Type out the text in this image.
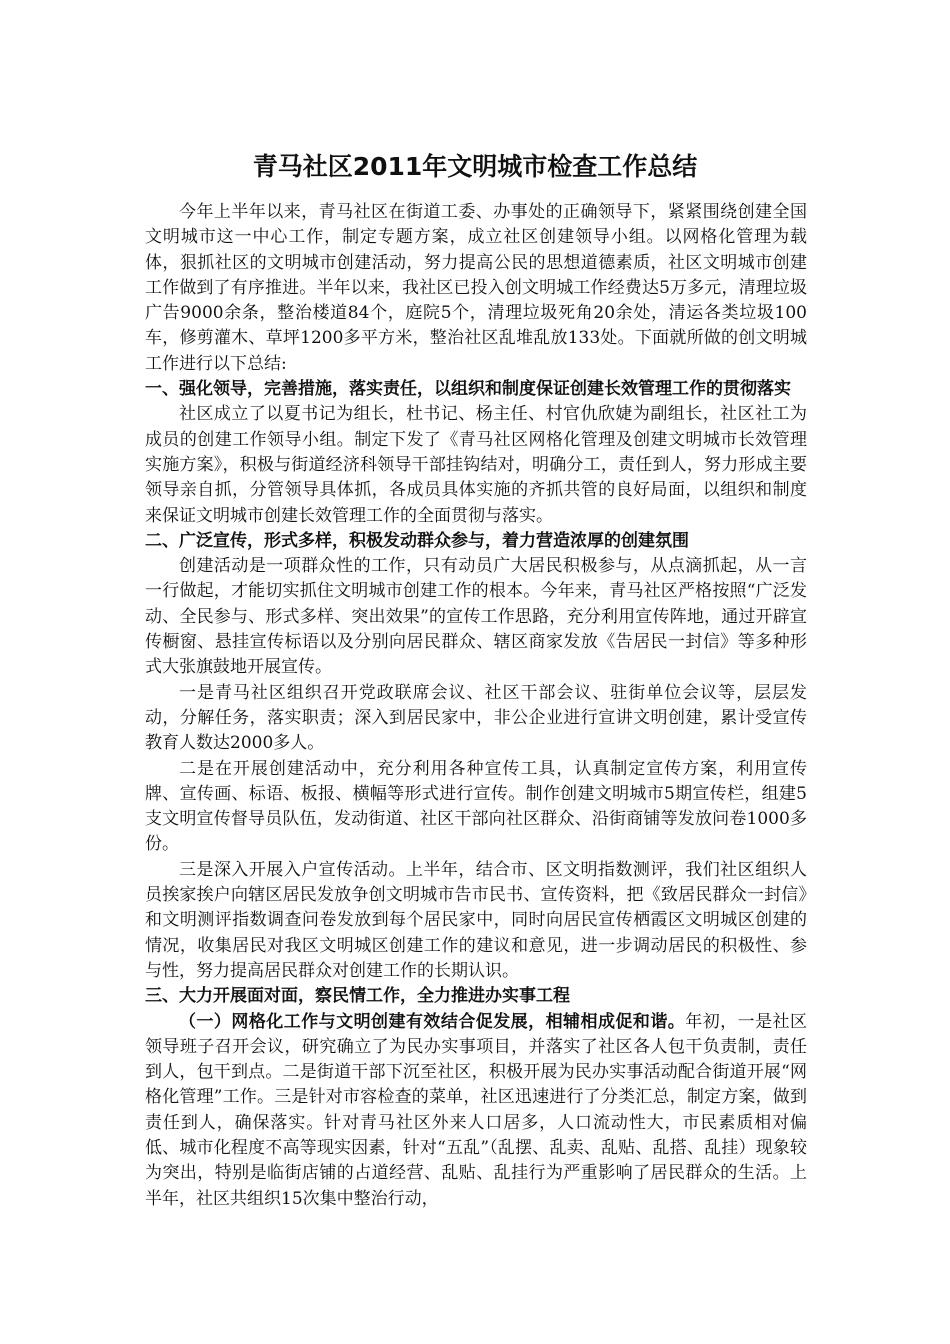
青马社区2011年文明城市检查工作总结

今年上半年以来，青马社区在街道工委、办事处的正确领导下，紧紧围绕创建全国文明城市这一中心工作，制定专题方案，成立社区创建领导小组。以网格化管理为载体，狠抓社区的文明城市创建活动，努力提高公民的思想道德素质，社区文明城市创建工作做到了有序推进。半年以来，我社区已投入创文明城工作经费达5万多元，清理垃圾广告9000余条，整治楼道84个，庭院5个，清理垃圾死角20余处，清运各类垃圾100车，修剪灌木、草坪1200多平方米，整治社区乱堆乱放133处。下面就所做的创文明城工作进行以下总结:

一、强化领导，完善措施，落实责任，以组织和制度保证创建长效管理工作的贯彻落实

社区成立了以夏书记为组长，杜书记、杨主任、村官仇欣婕为副组长，社区社工为成员的创建工作领导小组。制定下发了《青马社区网格化管理及创建文明城市长效管理实施方案》，积极与街道经济科领导干部挂钩结对，明确分工，责任到人，努力形成主要领导亲自抓，分管领导具体抓，各成员具体实施的齐抓共管的良好局面，以组织和制度来保证文明城市创建长效管理工作的全面贯彻与落实。

二、广泛宣传，形式多样，积极发动群众参与，着力营造浓厚的创建氛围

创建活动是一项群众性的工作，只有动员广大居民积极参与，从点滴抓起，从一言一行做起，才能切实抓住文明城市创建工作的根本。今年来，青马社区严格按照“广泛发动、全民参与、形式多样、突出效果”的宣传工作思路，充分利用宣传阵地，通过开辟宣传橱窗、悬挂宣传标语以及分别向居民群众、辖区商家发放《告居民一封信》等多种形式大张旗鼓地开展宣传。

一是青马社区组织召开党政联席会议、社区干部会议、驻街单位会议等，层层发动，分解任务，落实职责；深入到居民家中，非公企业进行宣讲文明创建，累计受宣传教育人数达2000多人。

二是在开展创建活动中，充分利用各种宣传工具，认真制定宣传方案，利用宣传牌、宣传画、标语、板报、横幅等形式进行宣传。制作创建文明城市5期宣传栏，组建5支文明宣传督导员队伍，发动街道、社区干部向社区群众、沿街商铺等发放问卷1000多份。

三是深入开展入户宣传活动。上半年，结合市、区文明指数测评，我们社区组织人员挨家挨户向辖区居民发放争创文明城市告市民书、宣传资料，把《致居民群众一封信》和文明测评指数调查问卷发放到每个居民家中，同时向居民宣传栖霞区文明城区创建的情况，收集居民对我区文明城区创建工作的建议和意见，进一步调动居民的积极性、参与性，努力提高居民群众对创建工作的长期认识。

三、大力开展面对面，察民情工作，全力推进办实事工程

（一）网格化工作与文明创建有效结合促发展，相辅相成促和谐。年初，一是社区领导班子召开会议，研究确立了为民办实事项目，并落实了社区各人包干负责制，责任到人，包干到点。二是街道干部下沉至社区，积极开展为民办实事活动配合街道开展“网格化管理”工作。三是针对市容检查的菜单，社区迅速进行了分类汇总，制定方案，做到责任到人，确保落实。针对青马社区外来人口居多，人口流动性大，市民素质相对偏低、城市化程度不高等现实因素，针对“五乱”（乱摆、乱卖、乱贴、乱搭、乱挂）现象较为突出，特别是临街店铺的占道经营、乱贴、乱挂行为严重影响了居民群众的生活。上半年，社区共组织15次集中整治行动，
